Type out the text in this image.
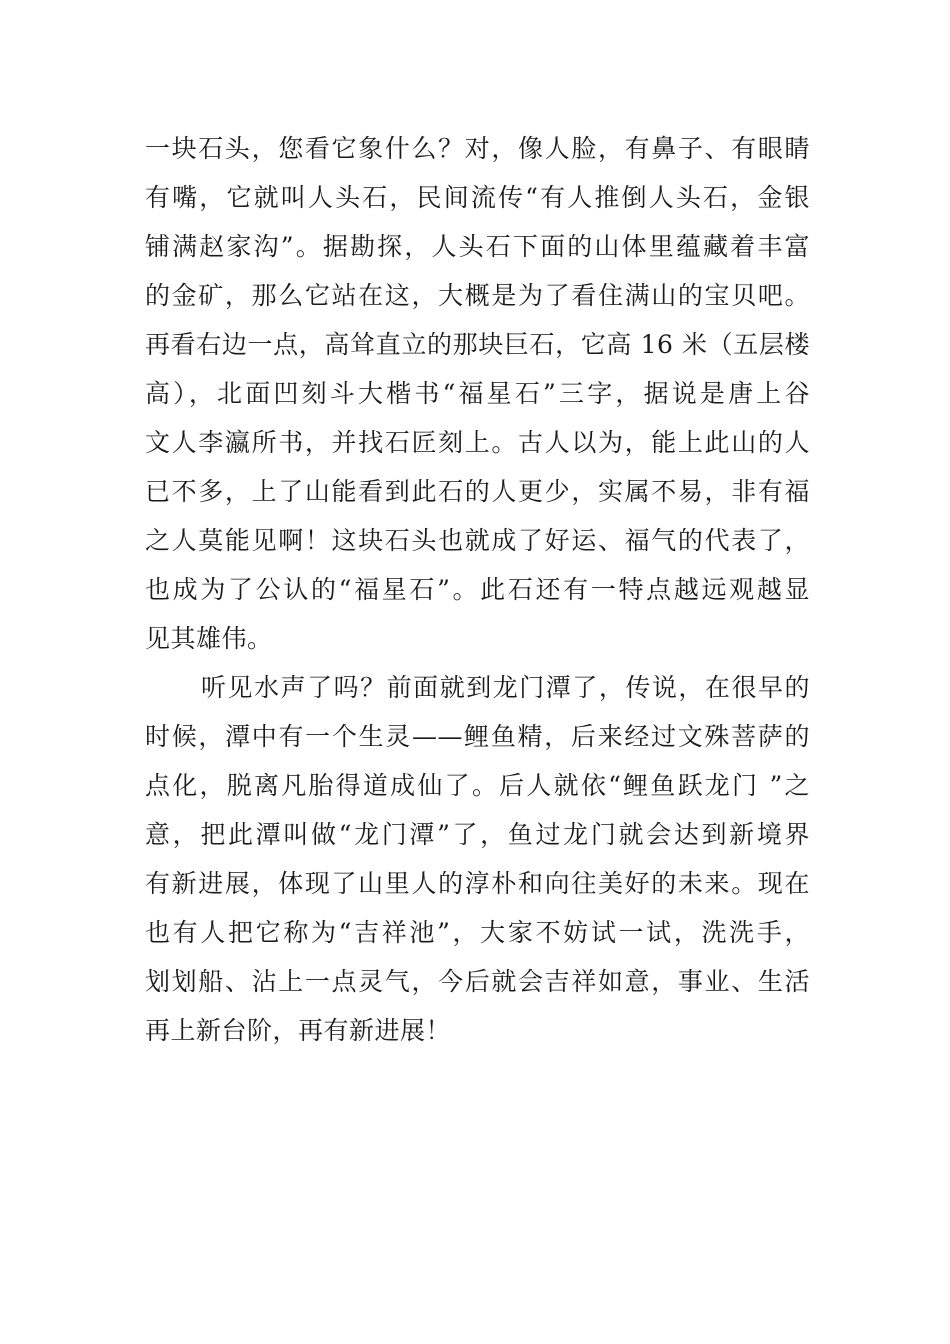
一块石头，您看它象什么？对，像人脸，有鼻子、有眼睛
有嘴，它就叫人头石，民间流传“有人推倒人头石，金银
铺满赵家沟”。据勘探，人头石下面的山体里蕴藏着丰富
的金矿，那么它站在这，大概是为了看住满山的宝贝吧。
再看右边一点，高耸直立的那块巨石，它高 16 米（五层楼
高），北面凹刻斗大楷书“福星石”三字，据说是唐上谷
文人李瀛所书，并找石匠刻上。古人以为，能上此山的人
已不多，上了山能看到此石的人更少，实属不易，非有福
之人莫能见啊！这块石头也就成了好运、福气的代表了，
也成为了公认的“福星石”。此石还有一特点越远观越显
见其雄伟。
听见水声了吗？前面就到龙门潭了，传说，在很早的
时候，潭中有一个生灵——鲤鱼精，后来经过文殊菩萨的
点化，脱离凡胎得道成仙了。后人就依“鲤鱼跃龙门 ”之
意，把此潭叫做“龙门潭”了，鱼过龙门就会达到新境界
有新进展，体现了山里人的淳朴和向往美好的未来。现在
也有人把它称为“吉祥池”，大家不妨试一试，洗洗手，
划划船、沾上一点灵气，今后就会吉祥如意，事业、生活
再上新台阶，再有新进展！
